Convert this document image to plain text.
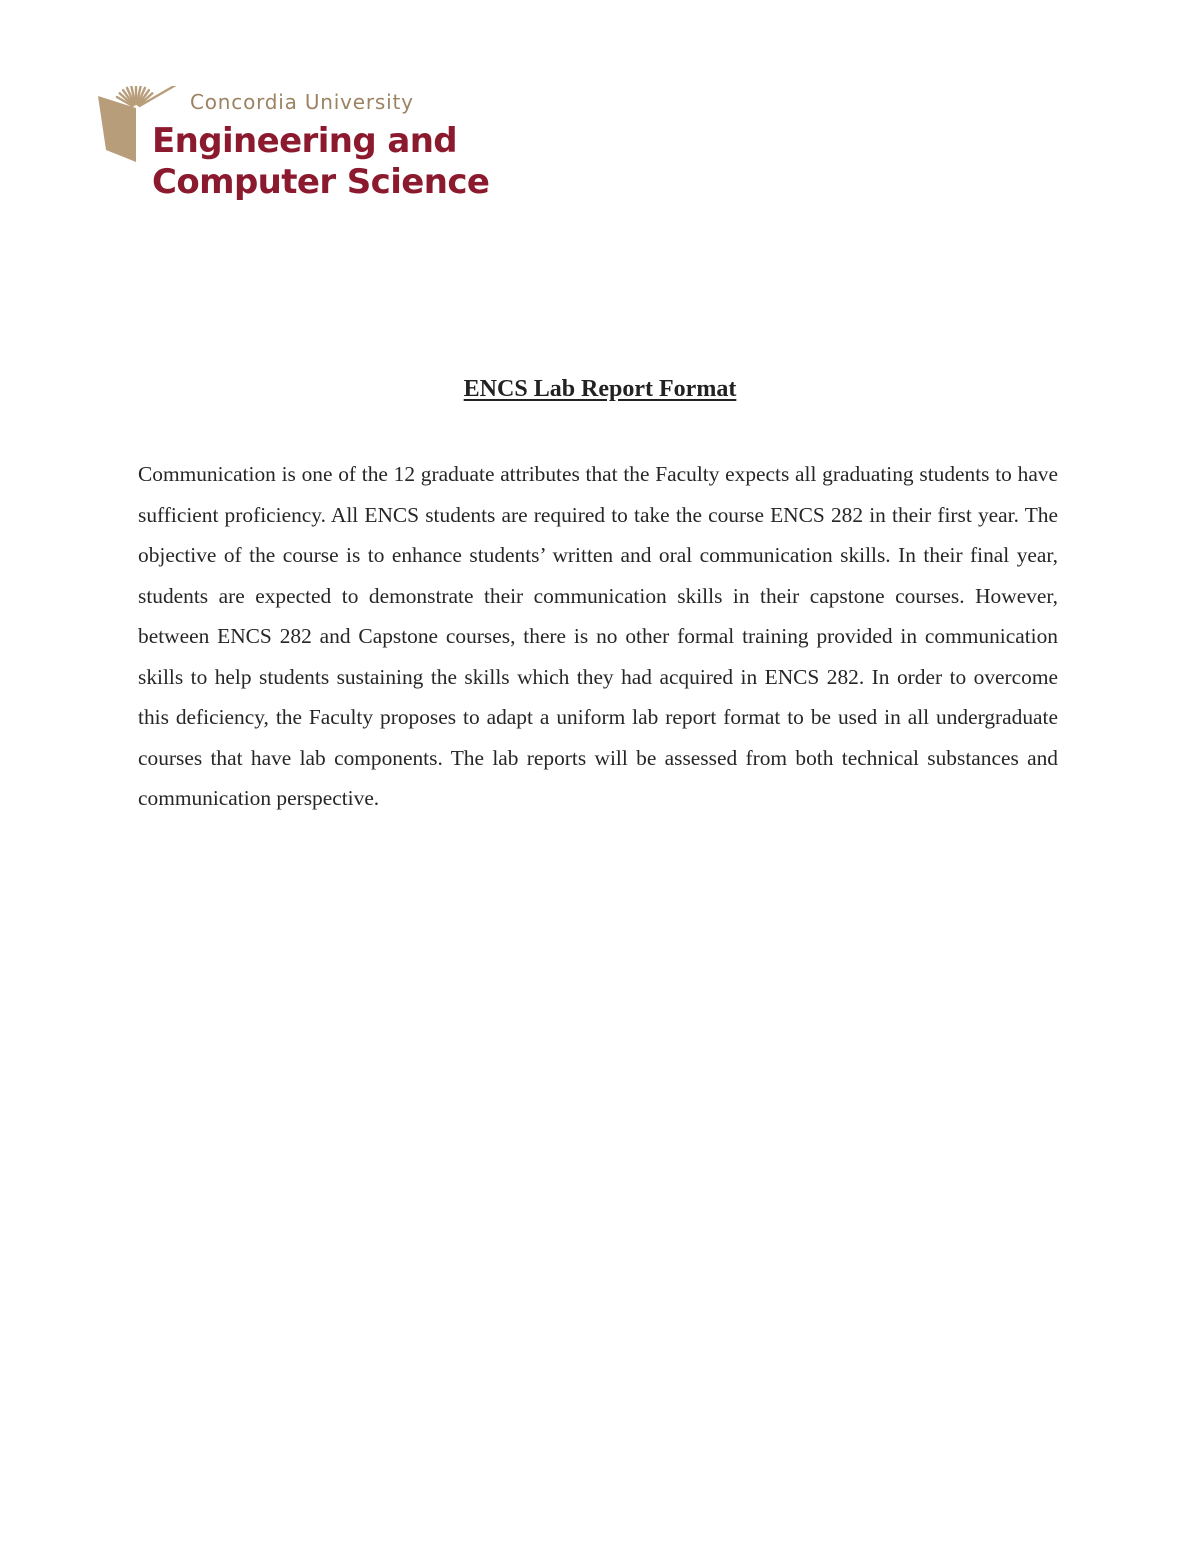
Concordia University
Engineering and
Computer Science
ENCS Lab Report Format

Communication is one of the 12 graduate attributes that the Faculty expects all graduating students to have sufficient proficiency. All ENCS students are required to take the course ENCS 282 in their first year. The objective of the course is to enhance students’ written and oral communication skills. In their final year, students are expected to demonstrate their communication skills in their capstone courses. However, between ENCS 282 and Capstone courses, there is no other formal training provided in communication skills to help students sustaining the skills which they had acquired in ENCS 282. In order to overcome this deficiency, the Faculty proposes to adapt a uniform lab report format to be used in all undergraduate courses that have lab components. The lab reports will be assessed from both technical substances and communication perspective.
